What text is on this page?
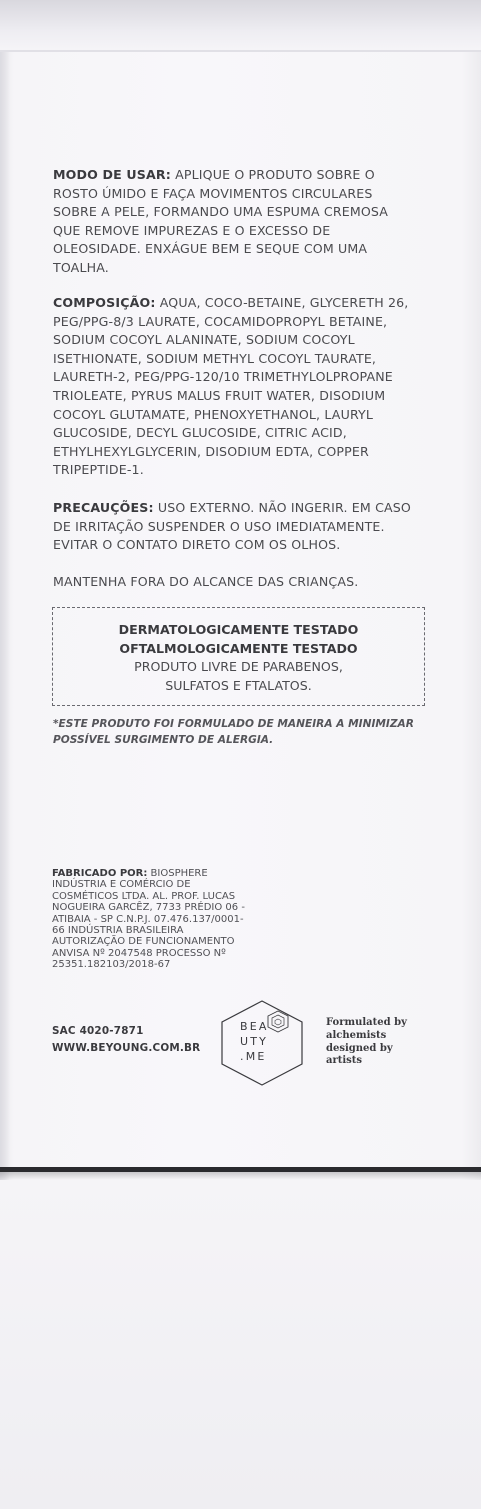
MODO DE USAR: APLIQUE O PRODUTO SOBRE O ROSTO ÚMIDO E FAÇA MOVIMENTOS CIRCULARES SOBRE A PELE, FORMANDO UMA ESPUMA CREMOSA QUE REMOVE IMPUREZAS E O EXCESSO DE OLEOSIDADE. ENXÁGUE BEM E SEQUE COM UMA TOALHA.

COMPOSIÇÃO: AQUA, COCO-BETAINE, GLYCERETH 26, PEG/PPG-8/3 LAURATE, COCAMIDOPROPYL BETAINE, SODIUM COCOYL ALANINATE, SODIUM COCOYL ISETHIONATE, SODIUM METHYL COCOYL TAURATE, LAURETH-2, PEG/PPG-120/10 TRIMETHYLOLPROPANE TRIOLEATE, PYRUS MALUS FRUIT WATER, DISODIUM COCOYL GLUTAMATE, PHENOXYETHANOL, LAURYL GLUCOSIDE, DECYL GLUCOSIDE, CITRIC ACID, ETHYLHEXYLGLYCERIN, DISODIUM EDTA, COPPER TRIPEPTIDE-1.

PRECAUÇÕES: USO EXTERNO. NÃO INGERIR. EM CASO DE IRRITAÇÃO SUSPENDER O USO IMEDIATAMENTE. EVITAR O CONTATO DIRETO COM OS OLHOS.

MANTENHA FORA DO ALCANCE DAS CRIANÇAS.

DERMATOLOGICAMENTE TESTADO
OFTALMOLOGICAMENTE TESTADO
PRODUTO LIVRE DE PARABENOS, SULFATOS E FTALATOS.
*ESTE PRODUTO FOI FORMULADO DE MANEIRA A MINIMIZAR POSSÍVEL SURGIMENTO DE ALERGIA.
FABRICADO POR: BIOSPHERE INDÚSTRIA E COMÉRCIO DE COSMÉTICOS LTDA. AL. PROF. LUCAS NOGUEIRA GARCÊZ, 7733 PRÉDIO 06 - ATIBAIA - SP C.N.P.J. 07.476.137/0001-66 INDÚSTRIA BRASILEIRA AUTORIZAÇÃO DE FUNCIONAMENTO ANVISA Nº 2047548 PROCESSO Nº 25351.182103/2018-67
SAC 4020-7871
WWW.BEYOUNG.COM.BR
BEA
UTY
.ME
Formulated by alchemists designed by artists
